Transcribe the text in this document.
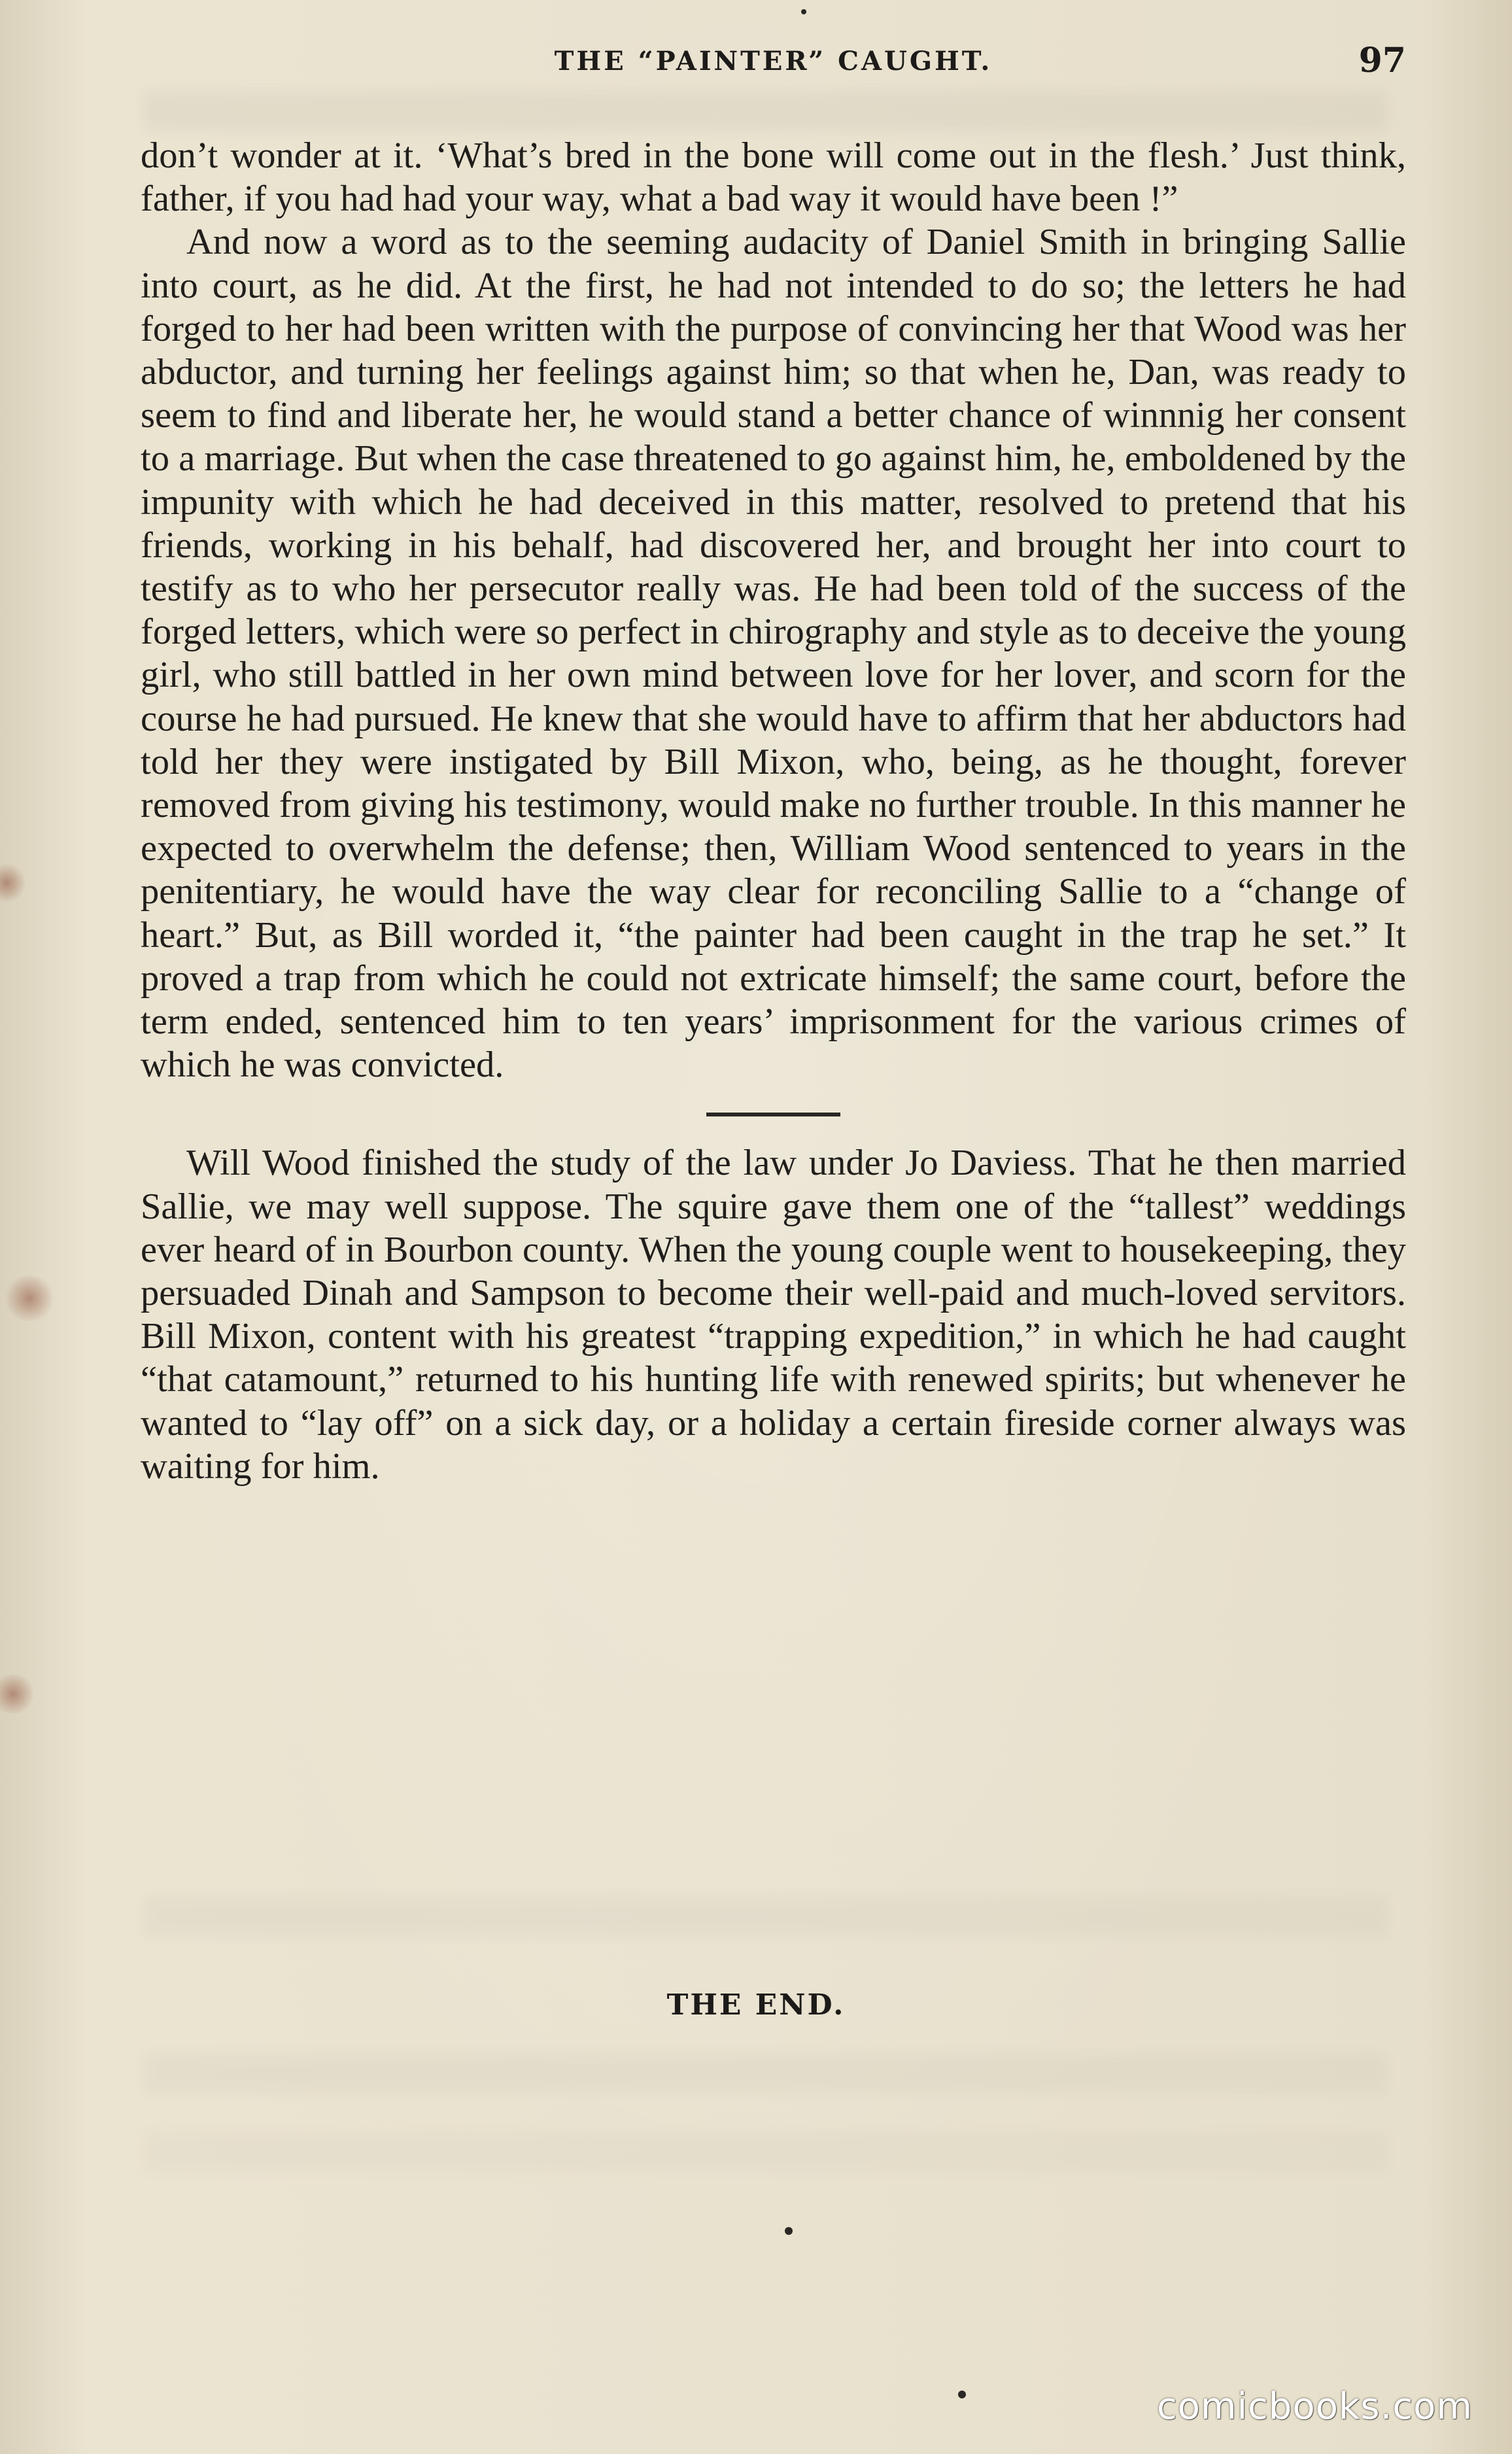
THE “PAINTER” CAUGHT.	97

don’t wonder at it. ‘What’s bred in the bone will come out in the flesh.’ Just think, father, if you had had your way, what a bad way it would have been !”

And now a word as to the seeming audacity of Daniel Smith in bringing Sallie into court, as he did. At the first, he had not intended to do so; the letters he had forged to her had been written with the purpose of convincing her that Wood was her abductor, and turning her feelings against him; so that when he, Dan, was ready to seem to find and liberate her, he would stand a better chance of winnnig her consent to a marriage. But when the case threatened to go against him, he, emboldened by the impunity with which he had deceived in this matter, resolved to pretend that his friends, working in his behalf, had discovered her, and brought her into court to testify as to who her persecutor really was. He had been told of the success of the forged letters, which were so perfect in chirography and style as to deceive the young girl, who still battled in her own mind between love for her lover, and scorn for the course he had pursued. He knew that she would have to affirm that her abductors had told her they were instigated by Bill Mixon, who, being, as he thought, forever removed from giving his testimony, would make no further trouble. In this manner he expected to overwhelm the defense; then, William Wood sentenced to years in the penitentiary, he would have the way clear for reconciling Sallie to a “change of heart.” But, as Bill worded it, “the painter had been caught in the trap he set.” It proved a trap from which he could not extricate himself; the same court, before the term ended, sentenced him to ten years’ imprisonment for the various crimes of which he was convicted.

Will Wood finished the study of the law under Jo Daviess. That he then married Sallie, we may well suppose. The squire gave them one of the “tallest” weddings ever heard of in Bourbon county. When the young couple went to housekeeping, they persuaded Dinah and Sampson to become their well-paid and much-loved servitors. Bill Mixon, content with his greatest “trapping expedition,” in which he had caught “that catamount,” returned to his hunting life with renewed spirits; but whenever he wanted to “lay off” on a sick day, or a holiday a certain fireside corner always was waiting for him.

THE END.
comicbooks.com
